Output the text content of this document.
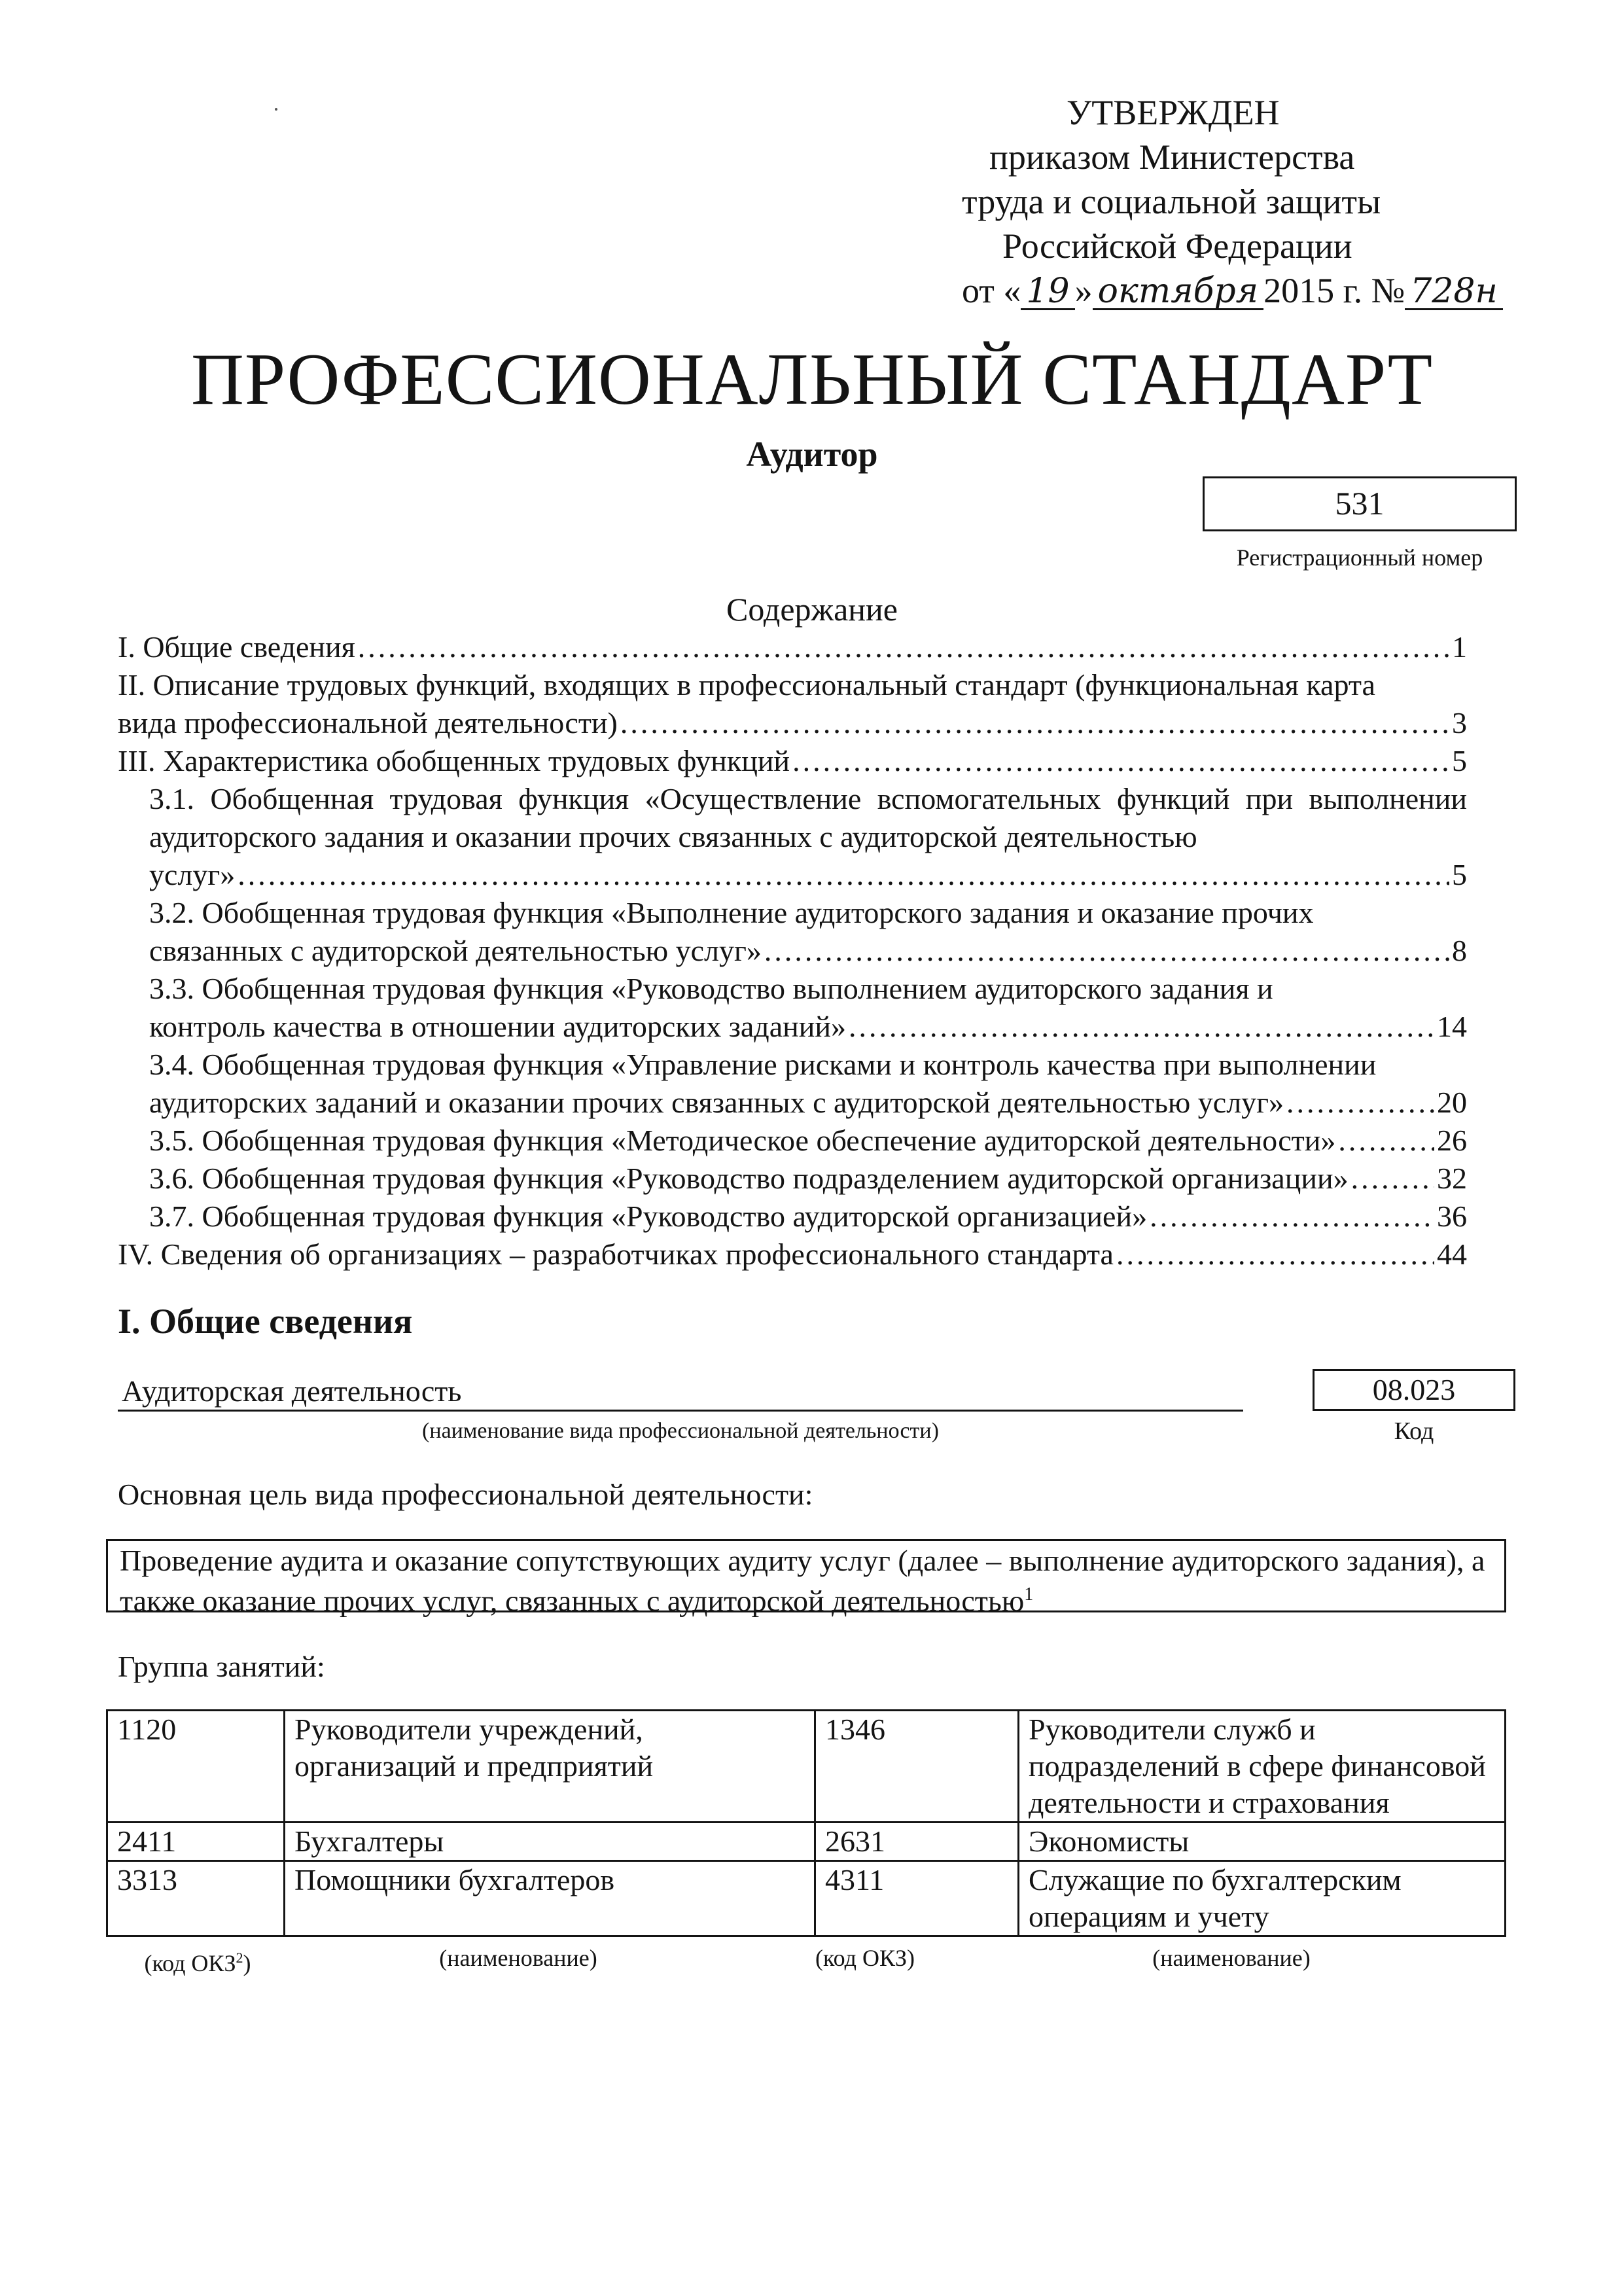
УТВЕРЖДЕН
приказом Министерства
труда и социальной защиты
Российской Федерации
от « 19 » октября 2015 г. № 728н
ПРОФЕССИОНАЛЬНЫЙ СТАНДАРТ
Аудитор
531
Регистрационный номер
Содержание
I. Общие сведения .....	1
II. Описание трудовых функций, входящих в профессиональный стандарт (функциональная карта
вида профессиональной деятельности) .....	3
III. Характеристика обобщенных трудовых функций .....	5
3.1. Обобщенная трудовая функция «Осуществление вспомогательных функций при выполнении аудиторского задания и оказании прочих связанных с аудиторской деятельностью
услуг» .....	5
3.2. Обобщенная трудовая функция «Выполнение аудиторского задания и оказание прочих
связанных с аудиторской деятельностью услуг» .....	8
3.3. Обобщенная трудовая функция «Руководство выполнением аудиторского задания и
контроль качества в отношении аудиторских заданий» .....	14
3.4. Обобщенная трудовая функция «Управление рисками и контроль качества при выполнении
аудиторских заданий и оказании прочих связанных с аудиторской деятельностью услуг» .....	20
3.5. Обобщенная трудовая функция «Методическое обеспечение аудиторской деятельности» .....	26
3.6. Обобщенная трудовая функция «Руководство подразделением аудиторской организации» .....	32
3.7. Обобщенная трудовая функция «Руководство аудиторской организацией» .....	36
IV. Сведения об организациях – разработчиках профессионального стандарта .....	44
I. Общие сведения
Аудиторская деятельность
(наименование вида профессиональной деятельности)
08.023
Код
Основная цель вида профессиональной деятельности:
Проведение аудита и оказание сопутствующих аудиту услуг (далее – выполнение аудиторского задания), а также оказание прочих услуг, связанных с аудиторской деятельностью$^1$
Группа занятий:
1120	Руководители учреждений, организаций и предприятий	1346	Руководители служб и подразделений в сфере финансовой деятельности и страхования
2411	Бухгалтеры	2631	Экономисты
3313	Помощники бухгалтеров	4311	Служащие по бухгалтерским операциям и учету
(код ОКЗ$^2$)	(наименование)	(код ОКЗ)	(наименование)
